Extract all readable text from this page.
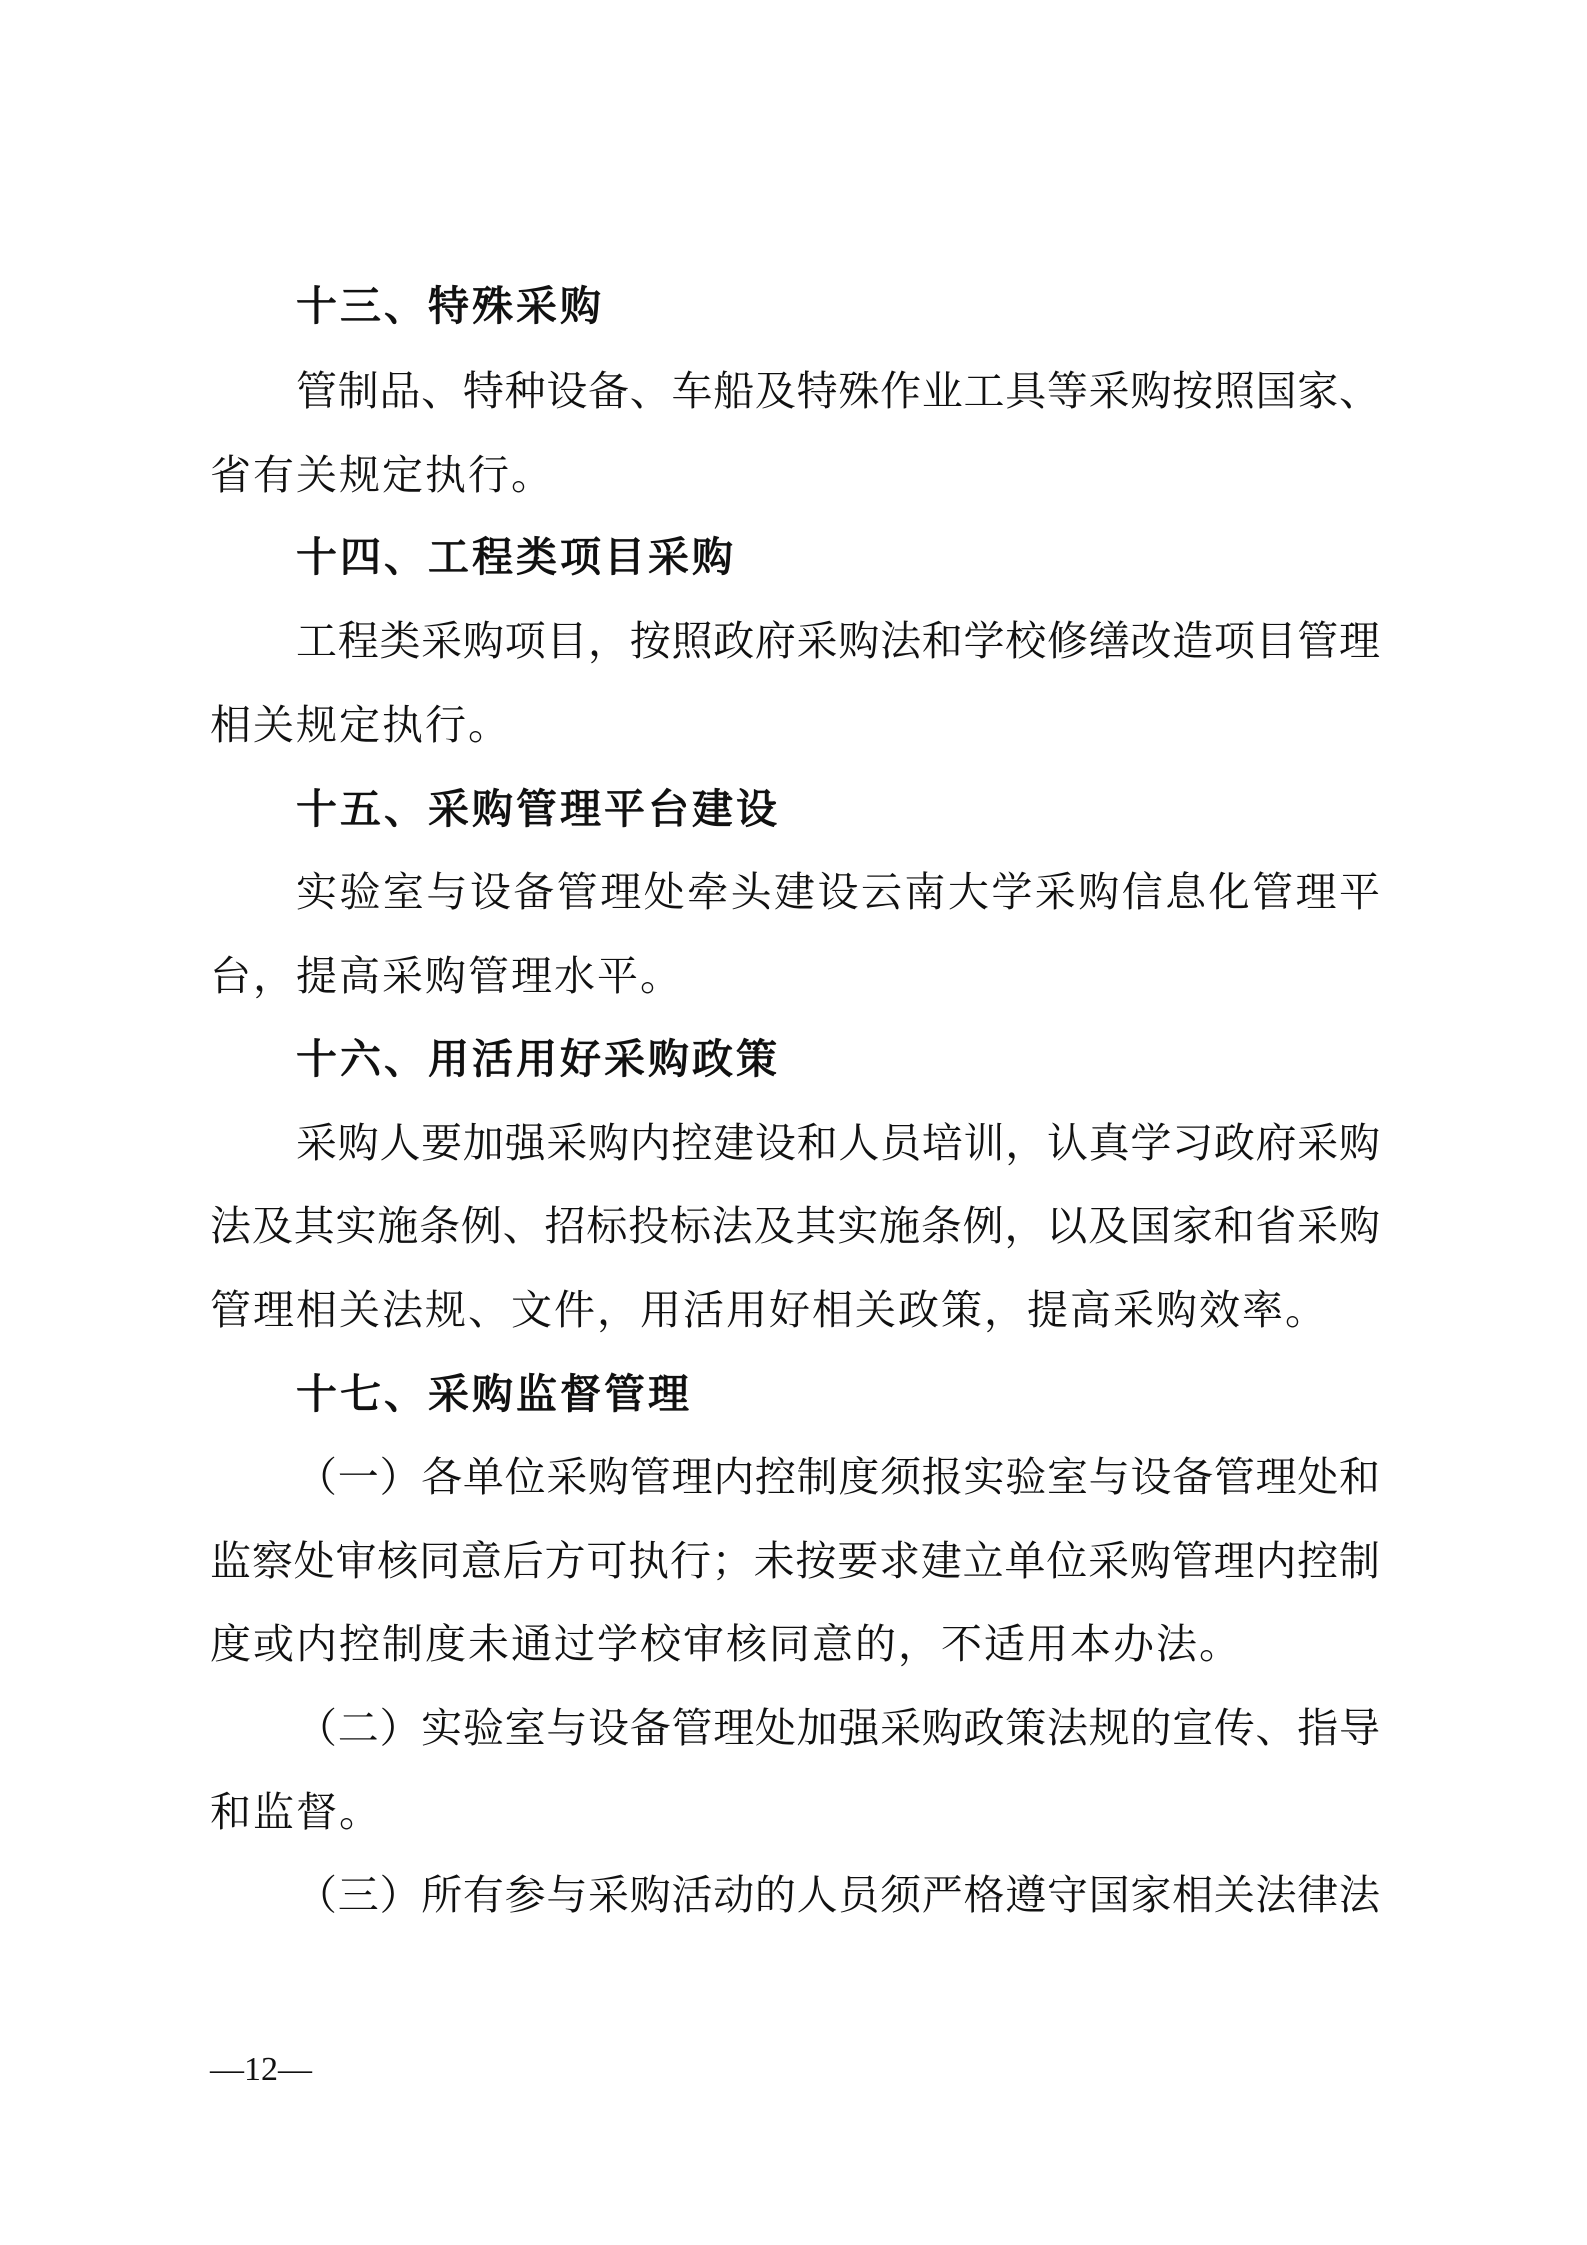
十三、特殊采购
管制品、特种设备、车船及特殊作业工具等采购按照国家、
省有关规定执行。
十四、工程类项目采购
工程类采购项目，按照政府采购法和学校修缮改造项目管理
相关规定执行。
十五、采购管理平台建设
实验室与设备管理处牵头建设云南大学采购信息化管理平
台，提高采购管理水平。
十六、用活用好采购政策
采购人要加强采购内控建设和人员培训，认真学习政府采购
法及其实施条例、招标投标法及其实施条例，以及国家和省采购
管理相关法规、文件，用活用好相关政策，提高采购效率。
十七、采购监督管理
（一）各单位采购管理内控制度须报实验室与设备管理处和
监察处审核同意后方可执行；未按要求建立单位采购管理内控制
度或内控制度未通过学校审核同意的，不适用本办法。
（二）实验室与设备管理处加强采购政策法规的宣传、指导
和监督。
（三）所有参与采购活动的人员须严格遵守国家相关法律法
—12—
